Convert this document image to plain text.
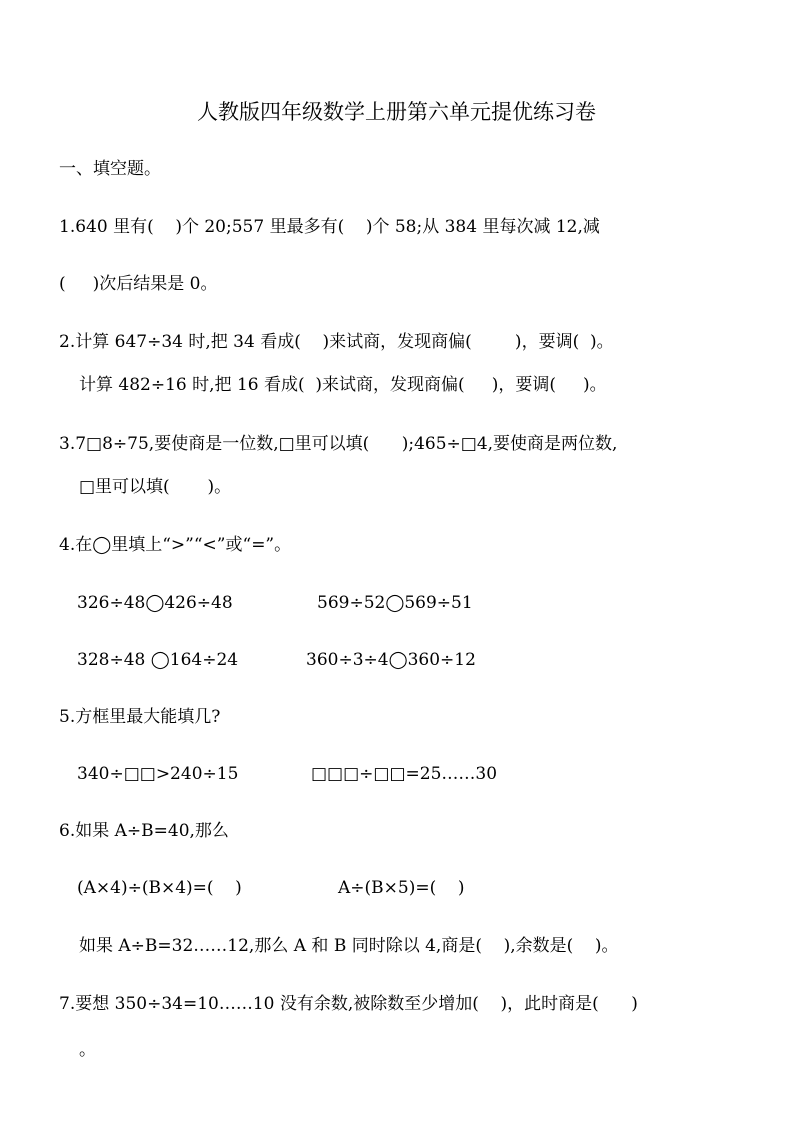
人教版四年级数学上册第六单元提优练习卷

一、填空题。

1.640 里有(    )个 20;557 里最多有(    )个 58;从 384 里每次减 12,减

(     )次后结果是 0。

2.计算 647÷34 时,把 34 看成(    )来试商，发现商偏(        )，要调(  )。

计算 482÷16 时,把 16 看成(  )来试商，发现商偏(     )，要调(     )。

3.7□8÷75,要使商是一位数,□里可以填(      );465÷□4,要使商是两位数,

□里可以填(       )。

4.在◯里填上“>”“<”或“=”。

326÷48◯426÷48	569÷52◯569÷51

328÷48 ◯164÷24	360÷3÷4◯360÷12

5.方框里最大能填几?

340÷□□>240÷15	□□□÷□□=25……30

6.如果 A÷B=40,那么

(A×4)÷(B×4)=(    )	A÷(B×5)=(    )

如果 A÷B=32……12,那么 A 和 B 同时除以 4,商是(    ),余数是(    )。

7.要想 350÷34=10……10 没有余数,被除数至少增加(    )，此时商是(      )

。
